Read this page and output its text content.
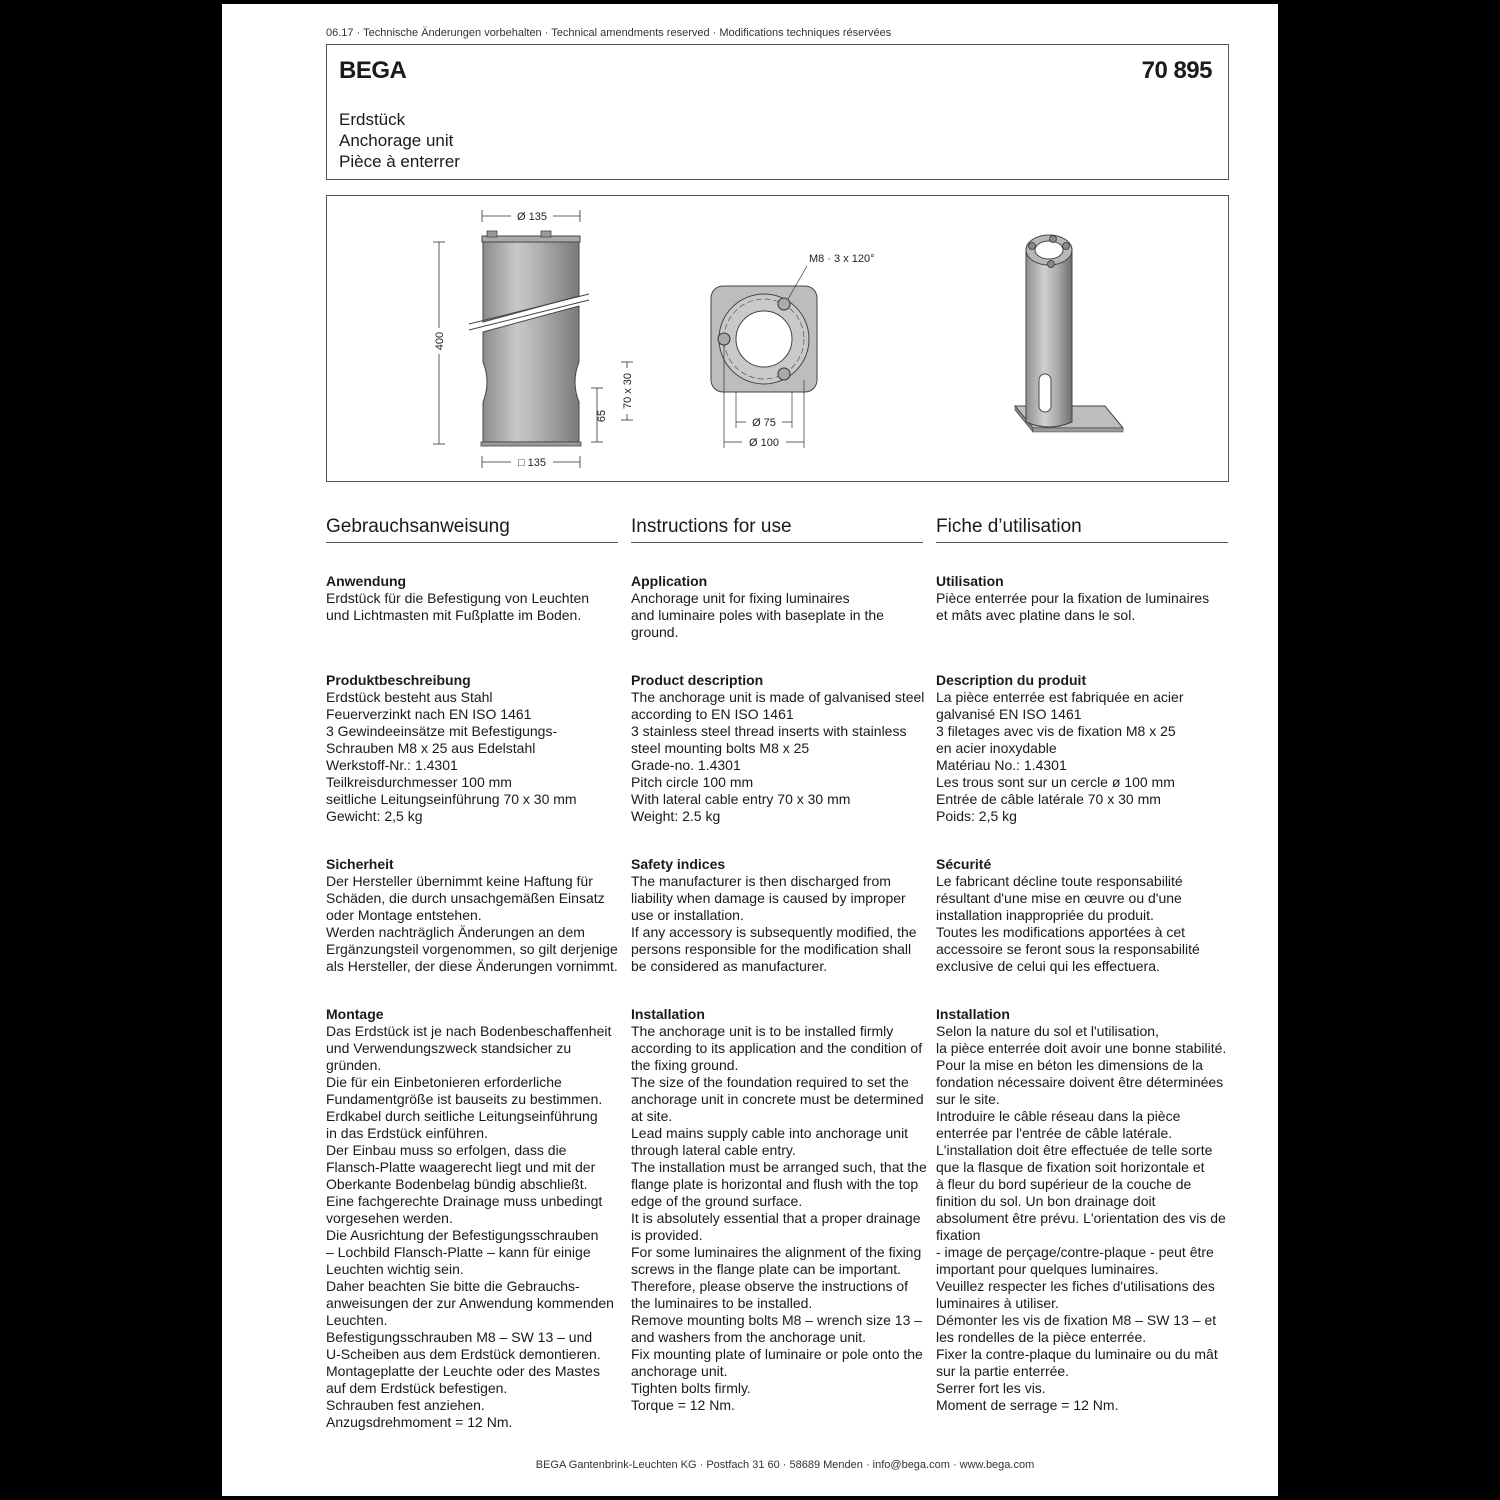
06.17 · Technische Änderungen vorbehalten · Technical amendments reserved · Modifications techniques réservées
BEGA	70 895
Erdstück
Anchorage unit
Pièce à enterrer
Ø 135
400
65
70 x 30
□ 135
M8 · 3 x 120°
Ø 75
Ø 100
Gebrauchsanweisung
Anwendung
Erdstück für die Befestigung von Leuchten
und Lichtmasten mit Fußplatte im Boden.
Produktbeschreibung
Erdstück besteht aus Stahl
Feuerverzinkt nach EN ISO 1461
3 Gewindeeinsätze mit Befestigungs-
Schrauben M8 x 25 aus Edelstahl
Werkstoff-Nr.: 1.4301
Teilkreisdurchmesser 100 mm
seitliche Leitungseinführung 70 x 30 mm
Gewicht: 2,5 kg
Sicherheit
Der Hersteller übernimmt keine Haftung für
Schäden, die durch unsachgemäßen Einsatz
oder Montage entstehen.
Werden nachträglich Änderungen an dem
Ergänzungsteil vorgenommen, so gilt derjenige
als Hersteller, der diese Änderungen vornimmt.
Montage
Das Erdstück ist je nach Bodenbeschaffenheit
und Verwendungszweck standsicher zu
gründen.
Die für ein Einbetonieren erforderliche
Fundamentgröße ist bauseits zu bestimmen.
Erdkabel durch seitliche Leitungseinführung
in das Erdstück einführen.
Der Einbau muss so erfolgen, dass die
Flansch-Platte waagerecht liegt und mit der
Oberkante Bodenbelag bündig abschließt.
Eine fachgerechte Drainage muss unbedingt
vorgesehen werden.
Die Ausrichtung der Befestigungsschrauben
– Lochbild Flansch-Platte – kann für einige
Leuchten wichtig sein.
Daher beachten Sie bitte die Gebrauchs-
anweisungen der zur Anwendung kommenden
Leuchten.
Befestigungsschrauben M8 – SW 13 – und
U-Scheiben aus dem Erdstück demontieren.
Montageplatte der Leuchte oder des Mastes
auf dem Erdstück befestigen.
Schrauben fest anziehen.
Anzugsdrehmoment = 12 Nm.
Instructions for use
Application
Anchorage unit for fixing luminaires
and luminaire poles with baseplate in the
ground.
Product description
The anchorage unit is made of galvanised steel
according to EN ISO 1461
3 stainless steel thread inserts with stainless
steel mounting bolts M8 x 25
Grade-no. 1.4301
Pitch circle 100 mm
With lateral cable entry 70 x 30 mm
Weight: 2.5 kg
Safety indices
The manufacturer is then discharged from
liability when damage is caused by improper
use or installation.
If any accessory is subsequently modified, the
persons responsible for the modification shall
be considered as manufacturer.
Installation
The anchorage unit is to be installed firmly
according to its application and the condition of
the fixing ground.
The size of the foundation required to set the
anchorage unit in concrete must be determined
at site.
Lead mains supply cable into anchorage unit
through lateral cable entry.
The installation must be arranged such, that the
flange plate is horizontal and flush with the top
edge of the ground surface.
It is absolutely essential that a proper drainage
is provided.
For some luminaires the alignment of the fixing
screws in the flange plate can be important.
Therefore, please observe the instructions of
the luminaires to be installed.
Remove mounting bolts M8 – wrench size 13 –
and washers from the anchorage unit.
Fix mounting plate of luminaire or pole onto the
anchorage unit.
Tighten bolts firmly.
Torque = 12 Nm.
Fiche d’utilisation
Utilisation
Pièce enterrée pour la fixation de luminaires
et mâts avec platine dans le sol.
Description du produit
La pièce enterrée est fabriquée en acier
galvanisé EN ISO 1461
3 filetages avec vis de fixation M8 x 25
en acier inoxydable
Matériau No.: 1.4301
Les trous sont sur un cercle ø 100 mm
Entrée de câble latérale 70 x 30 mm
Poids: 2,5 kg
Sécurité
Le fabricant décline toute responsabilité
résultant d'une mise en œuvre ou d'une
installation inappropriée du produit.
Toutes les modifications apportées à cet
accessoire se feront sous la responsabilité
exclusive de celui qui les effectuera.
Installation
Selon la nature du sol et l'utilisation,
la pièce enterrée doit avoir une bonne stabilité.
Pour la mise en béton les dimensions de la
fondation nécessaire doivent être déterminées
sur le site.
Introduire le câble réseau dans la pièce
enterrée par l'entrée de câble latérale.
L'installation doit être effectuée de telle sorte
que la flasque de fixation soit horizontale et
à fleur du bord supérieur de la couche de
finition du sol. Un bon drainage doit
absolument être prévu. L'orientation des vis de
fixation
- image de perçage/contre-plaque - peut être
important pour quelques luminaires.
Veuillez respecter les fiches d'utilisations des
luminaires à utiliser.
Démonter les vis de fixation M8 – SW 13 – et
les rondelles de la pièce enterrée.
Fixer la contre-plaque du luminaire ou du mât
sur la partie enterrée.
Serrer fort les vis.
Moment de serrage = 12 Nm.
BEGA Gantenbrink-Leuchten KG · Postfach 31 60 · 58689 Menden · info@bega.com · www.bega.com
